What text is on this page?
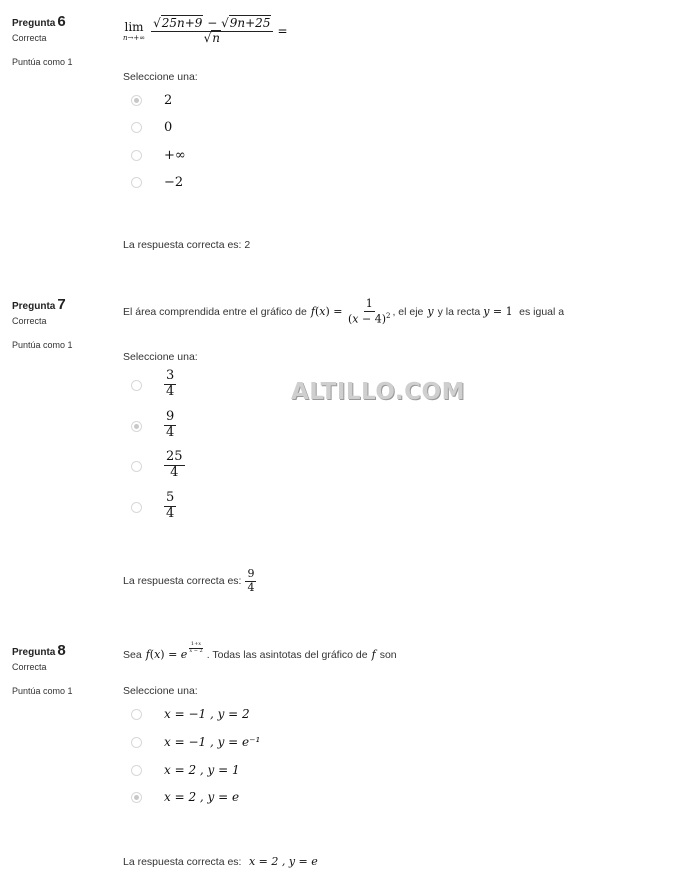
ALTILLO.COM
Pregunta 6
Correcta
Puntúa como 1
lim
$n\to+\infty \frac{√25n+9 - √9n+25}{√n}$ =
Seleccione una:
2
0
+∞
−2
La respuesta correcta es: 2
Pregunta 7
Correcta
Puntúa como 1
El área comprendida entre el gráfico de f ( x ) = $\frac{1}{(x - 4)^2}$ , el eje y y la recta y = 1 es igual a
Seleccione una:
$\frac{3}{4}$
$\frac{9}{4}$
$\frac{25}{4}$
$\frac{5}{4}$
La respuesta correcta es: $\frac{9}{4}$
Pregunta 8
Correcta
Puntúa como 1
Sea f ( x ) = e $\frac{1+x}{x - 2}$ . Todas las asintotas del gráfico de f son
Seleccione una:
x = −1 , y = 2
x = −1 , y = e⁻¹
x = 2 , y = 1
x = 2 , y = e
La respuesta correcta es: x = 2 , y = e
